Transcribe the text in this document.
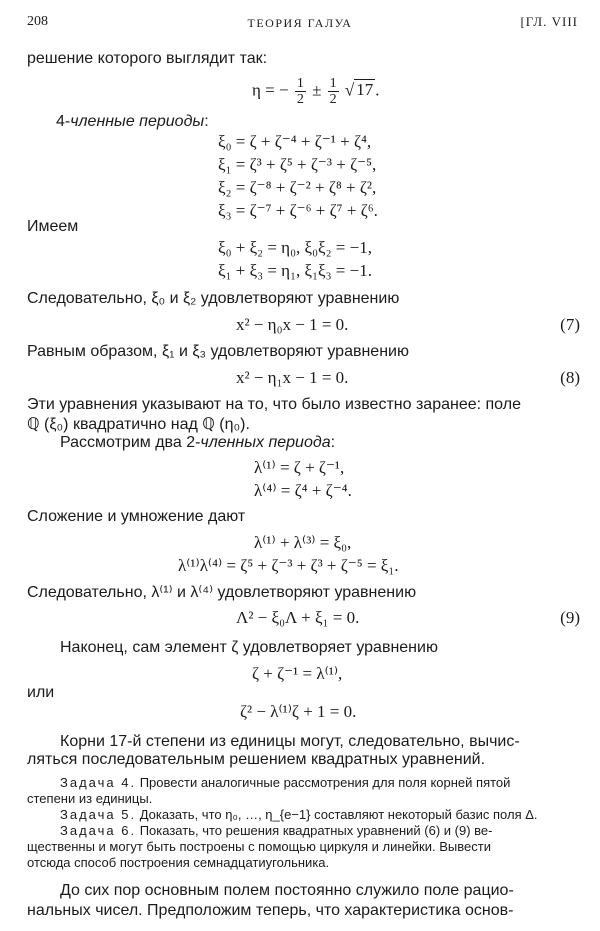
208	ТЕОРИЯ ГАЛУА	[ГЛ. VIII
решение которого выглядит так:
η = − $\frac{1}{2} \pm \frac{1}{2}$ √ 17 .
4-членные периоды:
ξ₀ = ζ + ζ⁻⁴ + ζ⁻¹ + ζ⁴,
ξ₁ = ζ³ + ζ⁵ + ζ⁻³ + ζ⁻⁵,
ξ₂ = ζ⁻⁸ + ζ⁻² + ζ⁸ + ζ²,
ξ₃ = ζ⁻⁷ + ζ⁻⁶ + ζ⁷ + ζ⁶.
Имеем
ξ₀ + ξ₂ = η₀, ξ₀ξ₂ = −1,
ξ₁ + ξ₃ = η₁, ξ₁ξ₃ = −1.
Следовательно, ξ₀ и ξ₂ удовлетворяют уравнению
x² − η₀x − 1 = 0.	(7)
Равным образом, ξ₁ и ξ₃ удовлетворяют уравнению
x² − η₁x − 1 = 0.	(8)
Эти уравнения указывают на то, что было известно заранее: поле
ℚ (ξ₀) квадратично над ℚ (η₀).
Рассмотрим два 2-членных периода:
λ⁽¹⁾ = ζ + ζ⁻¹,
λ⁽⁴⁾ = ζ⁴ + ζ⁻⁴.
Сложение и умножение дают
λ⁽¹⁾ + λ⁽³⁾ = ξ₀,
λ⁽¹⁾λ⁽⁴⁾ = ζ⁵ + ζ⁻³ + ζ³ + ζ⁻⁵ = ξ₁.
Следовательно, λ⁽¹⁾ и λ⁽⁴⁾ удовлетворяют уравнению
Λ² − ξ₀Λ + ξ₁ = 0.	(9)
Наконец, сам элемент ζ удовлетворяет уравнению
ζ + ζ⁻¹ = λ⁽¹⁾,
или
ζ² − λ⁽¹⁾ζ + 1 = 0.
Корни 17-й степени из единицы могут, следовательно, вычис-
ляться последовательным решением квадратных уравнений.
Задача 4. Провести аналогичные рассмотрения для поля корней пятой
степени из единицы.
Задача 5. Доказать, что η₀, …, η_{e−1} составляют некоторый базис поля Δ.
Задача 6. Показать, что решения квадратных уравнений (6) и (9) ве-
щественны и могут быть построены с помощью циркуля и линейки. Вывести
отсюда способ построения семнадцатиугольника.
До сих пор основным полем постоянно служило поле рацио-
нальных чисел. Предположим теперь, что характеристика основ-
